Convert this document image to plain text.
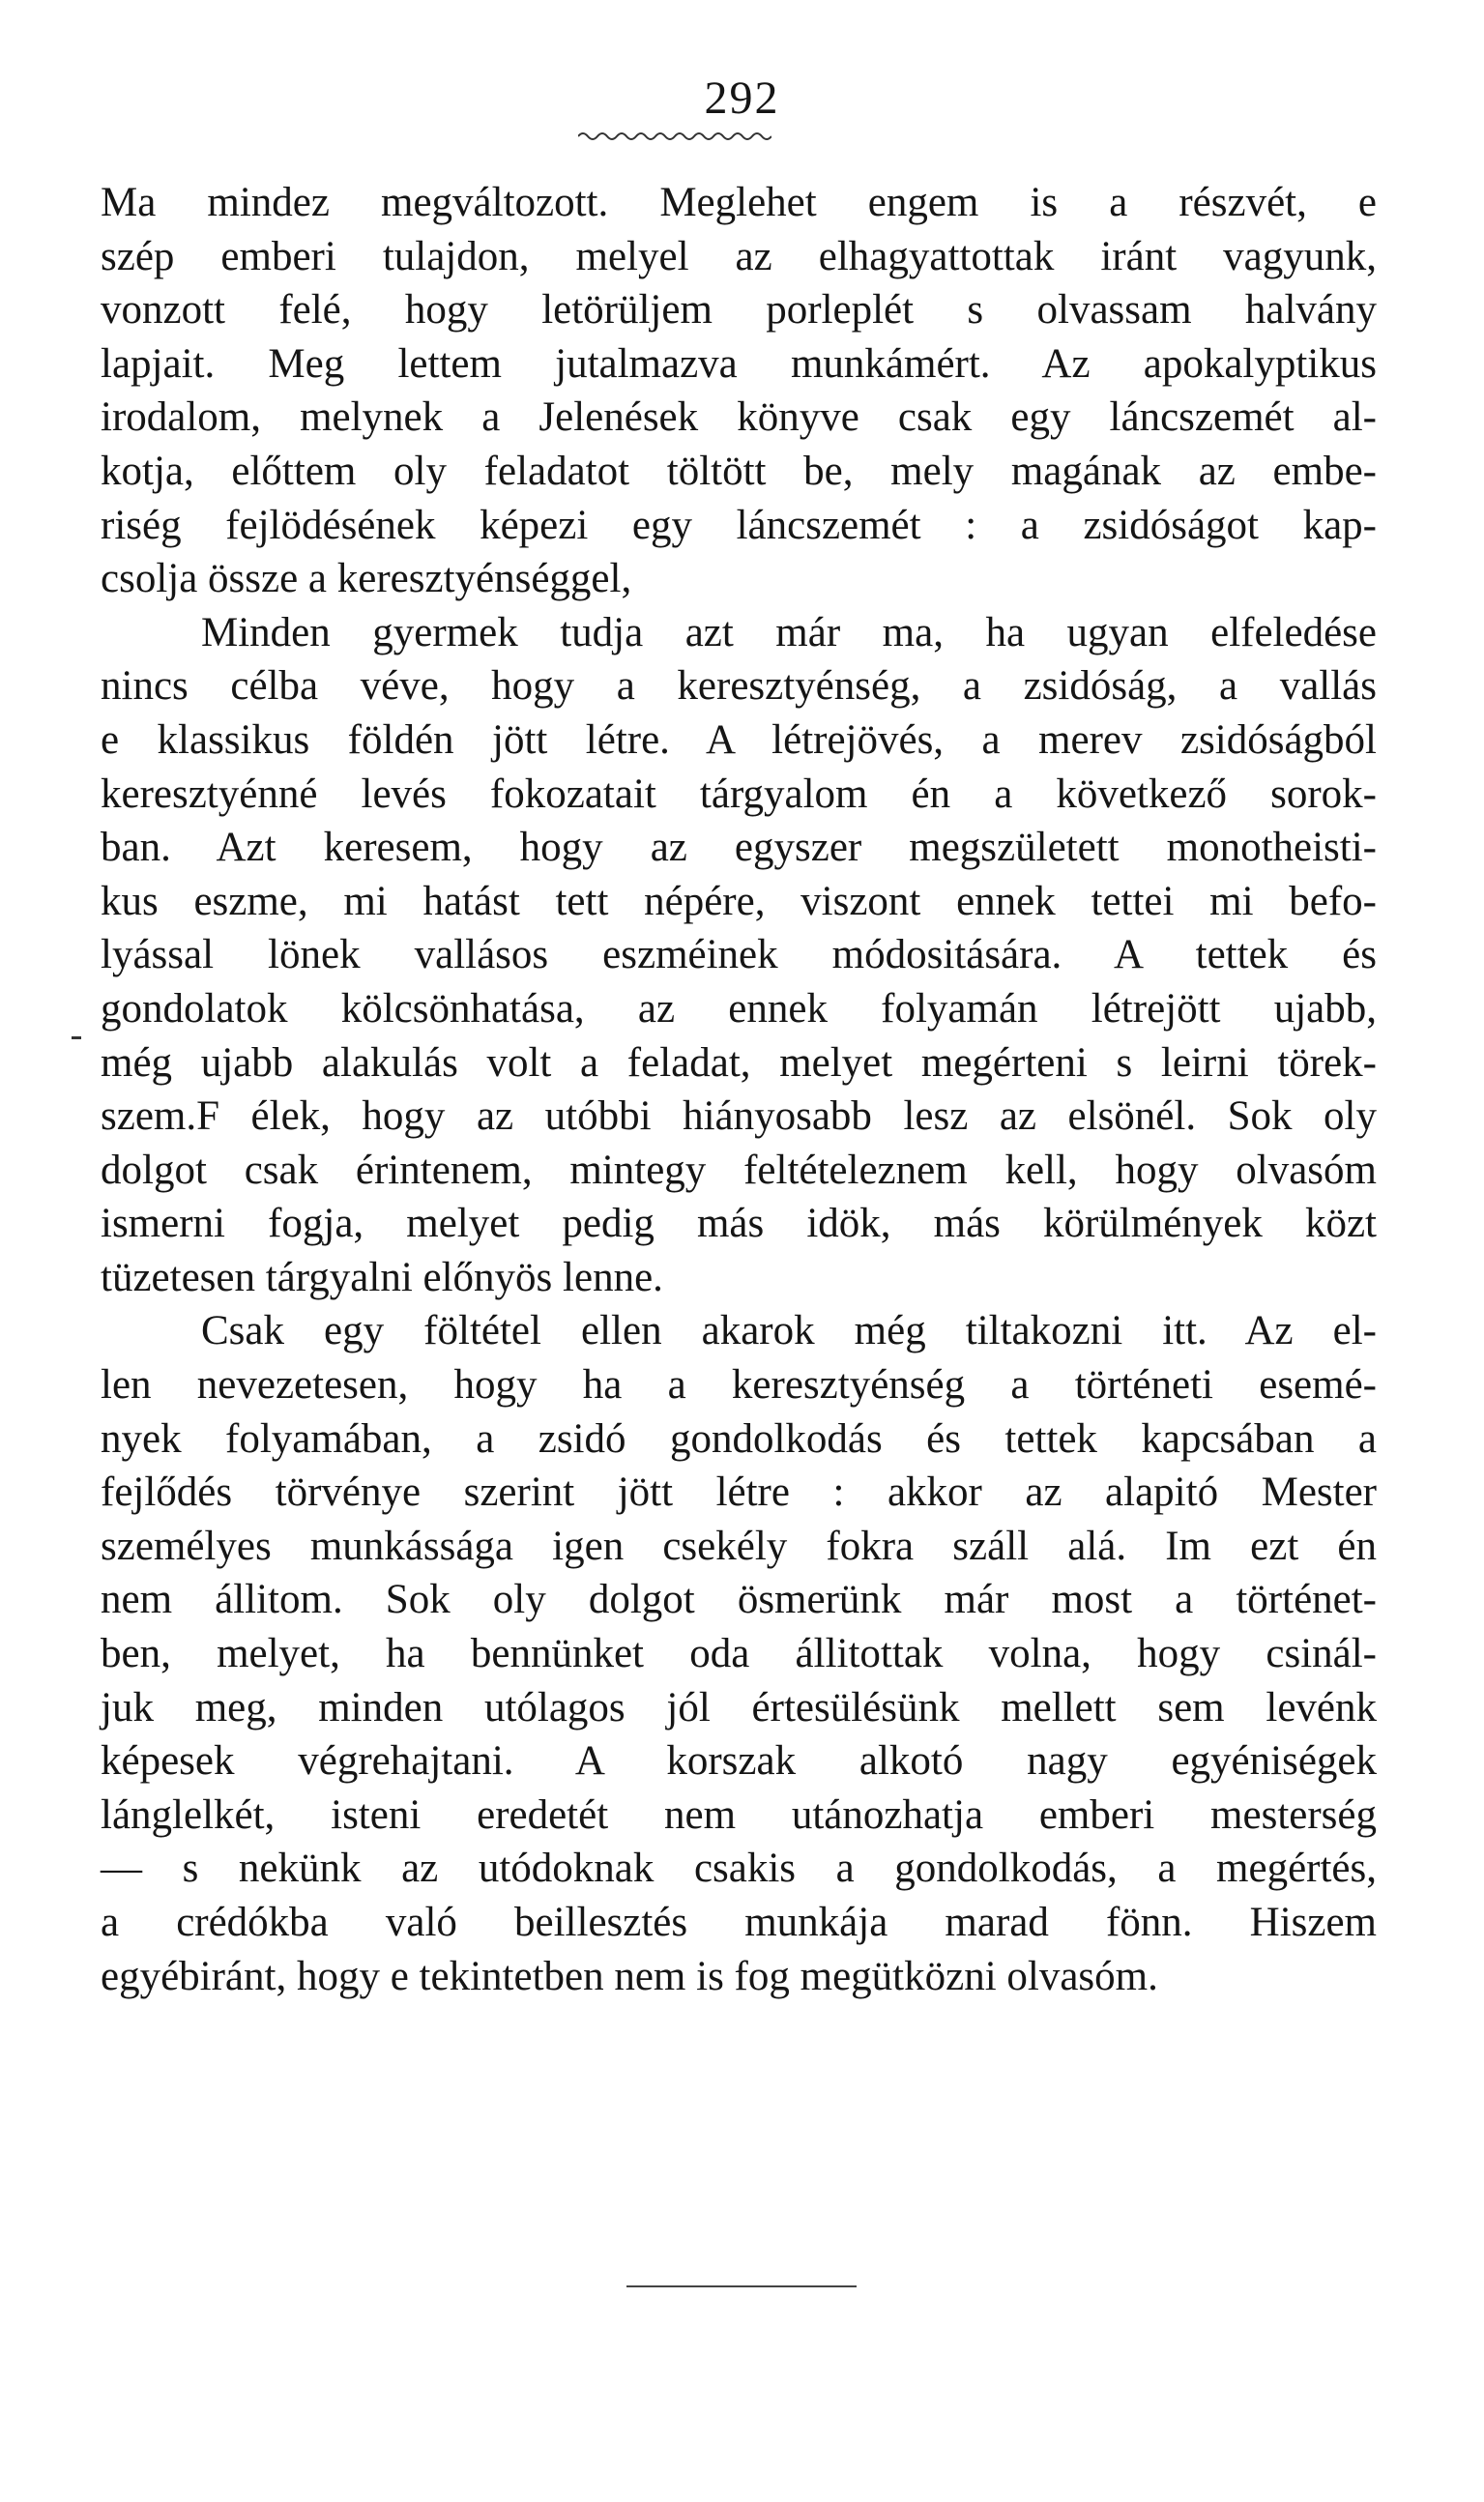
292

Ma mindez megváltozott. Meglehet engem is a részvét, e
szép emberi tulajdon, melyel az elhagyattottak iránt vagyunk,
vonzott felé, hogy letörüljem porleplét s olvassam halvány
lapjait. Meg lettem jutalmazva munkámért. Az apokalyptikus
irodalom, melynek a Jelenések könyve csak egy láncszemét al-
kotja, előttem oly feladatot töltött be, mely magának az embe-
riség fejlödésének képezi egy láncszemét : a zsidóságot kap-
csolja össze a keresztyénséggel,

Minden gyermek tudja azt már ma, ha ugyan elfeledése
nincs célba véve, hogy a keresztyénség, a zsidóság, a vallás
e klassikus földén jött létre. A létrejövés, a merev zsidóságból
keresztyénné levés fokozatait tárgyalom én a következő sorok-
ban. Azt keresem, hogy az egyszer megszületett monotheisti-
kus eszme, mi hatást tett népére, viszont ennek tettei mi befo-
lyással lönek vallásos eszméinek módositására. A tettek és
gondolatok kölcsönhatása, az ennek folyamán létrejött ujabb,
még ujabb alakulás volt a feladat, melyet megérteni s leirni törek-
szem.F élek, hogy az utóbbi hiányosabb lesz az elsönél. Sok oly
dolgot csak érintenem, mintegy feltételeznem kell, hogy olvasóm
ismerni fogja, melyet pedig más idök, más körülmények közt
tüzetesen tárgyalni előnyös lenne.

Csak egy föltétel ellen akarok még tiltakozni itt. Az el-
len nevezetesen, hogy ha a keresztyénség a történeti esemé-
nyek folyamában, a zsidó gondolkodás és tettek kapcsában a
fejlődés törvénye szerint jött létre : akkor az alapitó Mester
személyes munkássága igen csekély fokra száll alá. Im ezt én
nem állitom. Sok oly dolgot ösmerünk már most a történet-
ben, melyet, ha bennünket oda állitottak volna, hogy csinál-
juk meg, minden utólagos jól értesülésünk mellett sem levénk
képesek végrehajtani. A korszak alkotó nagy egyéniségek
lánglelkét, isteni eredetét nem utánozhatja emberi mesterség
— s nekünk az utódoknak csakis a gondolkodás, a megértés,
a crédókba való beillesztés munkája marad fönn. Hiszem
egyébiránt, hogy e tekintetben nem is fog megütközni olvasóm.
